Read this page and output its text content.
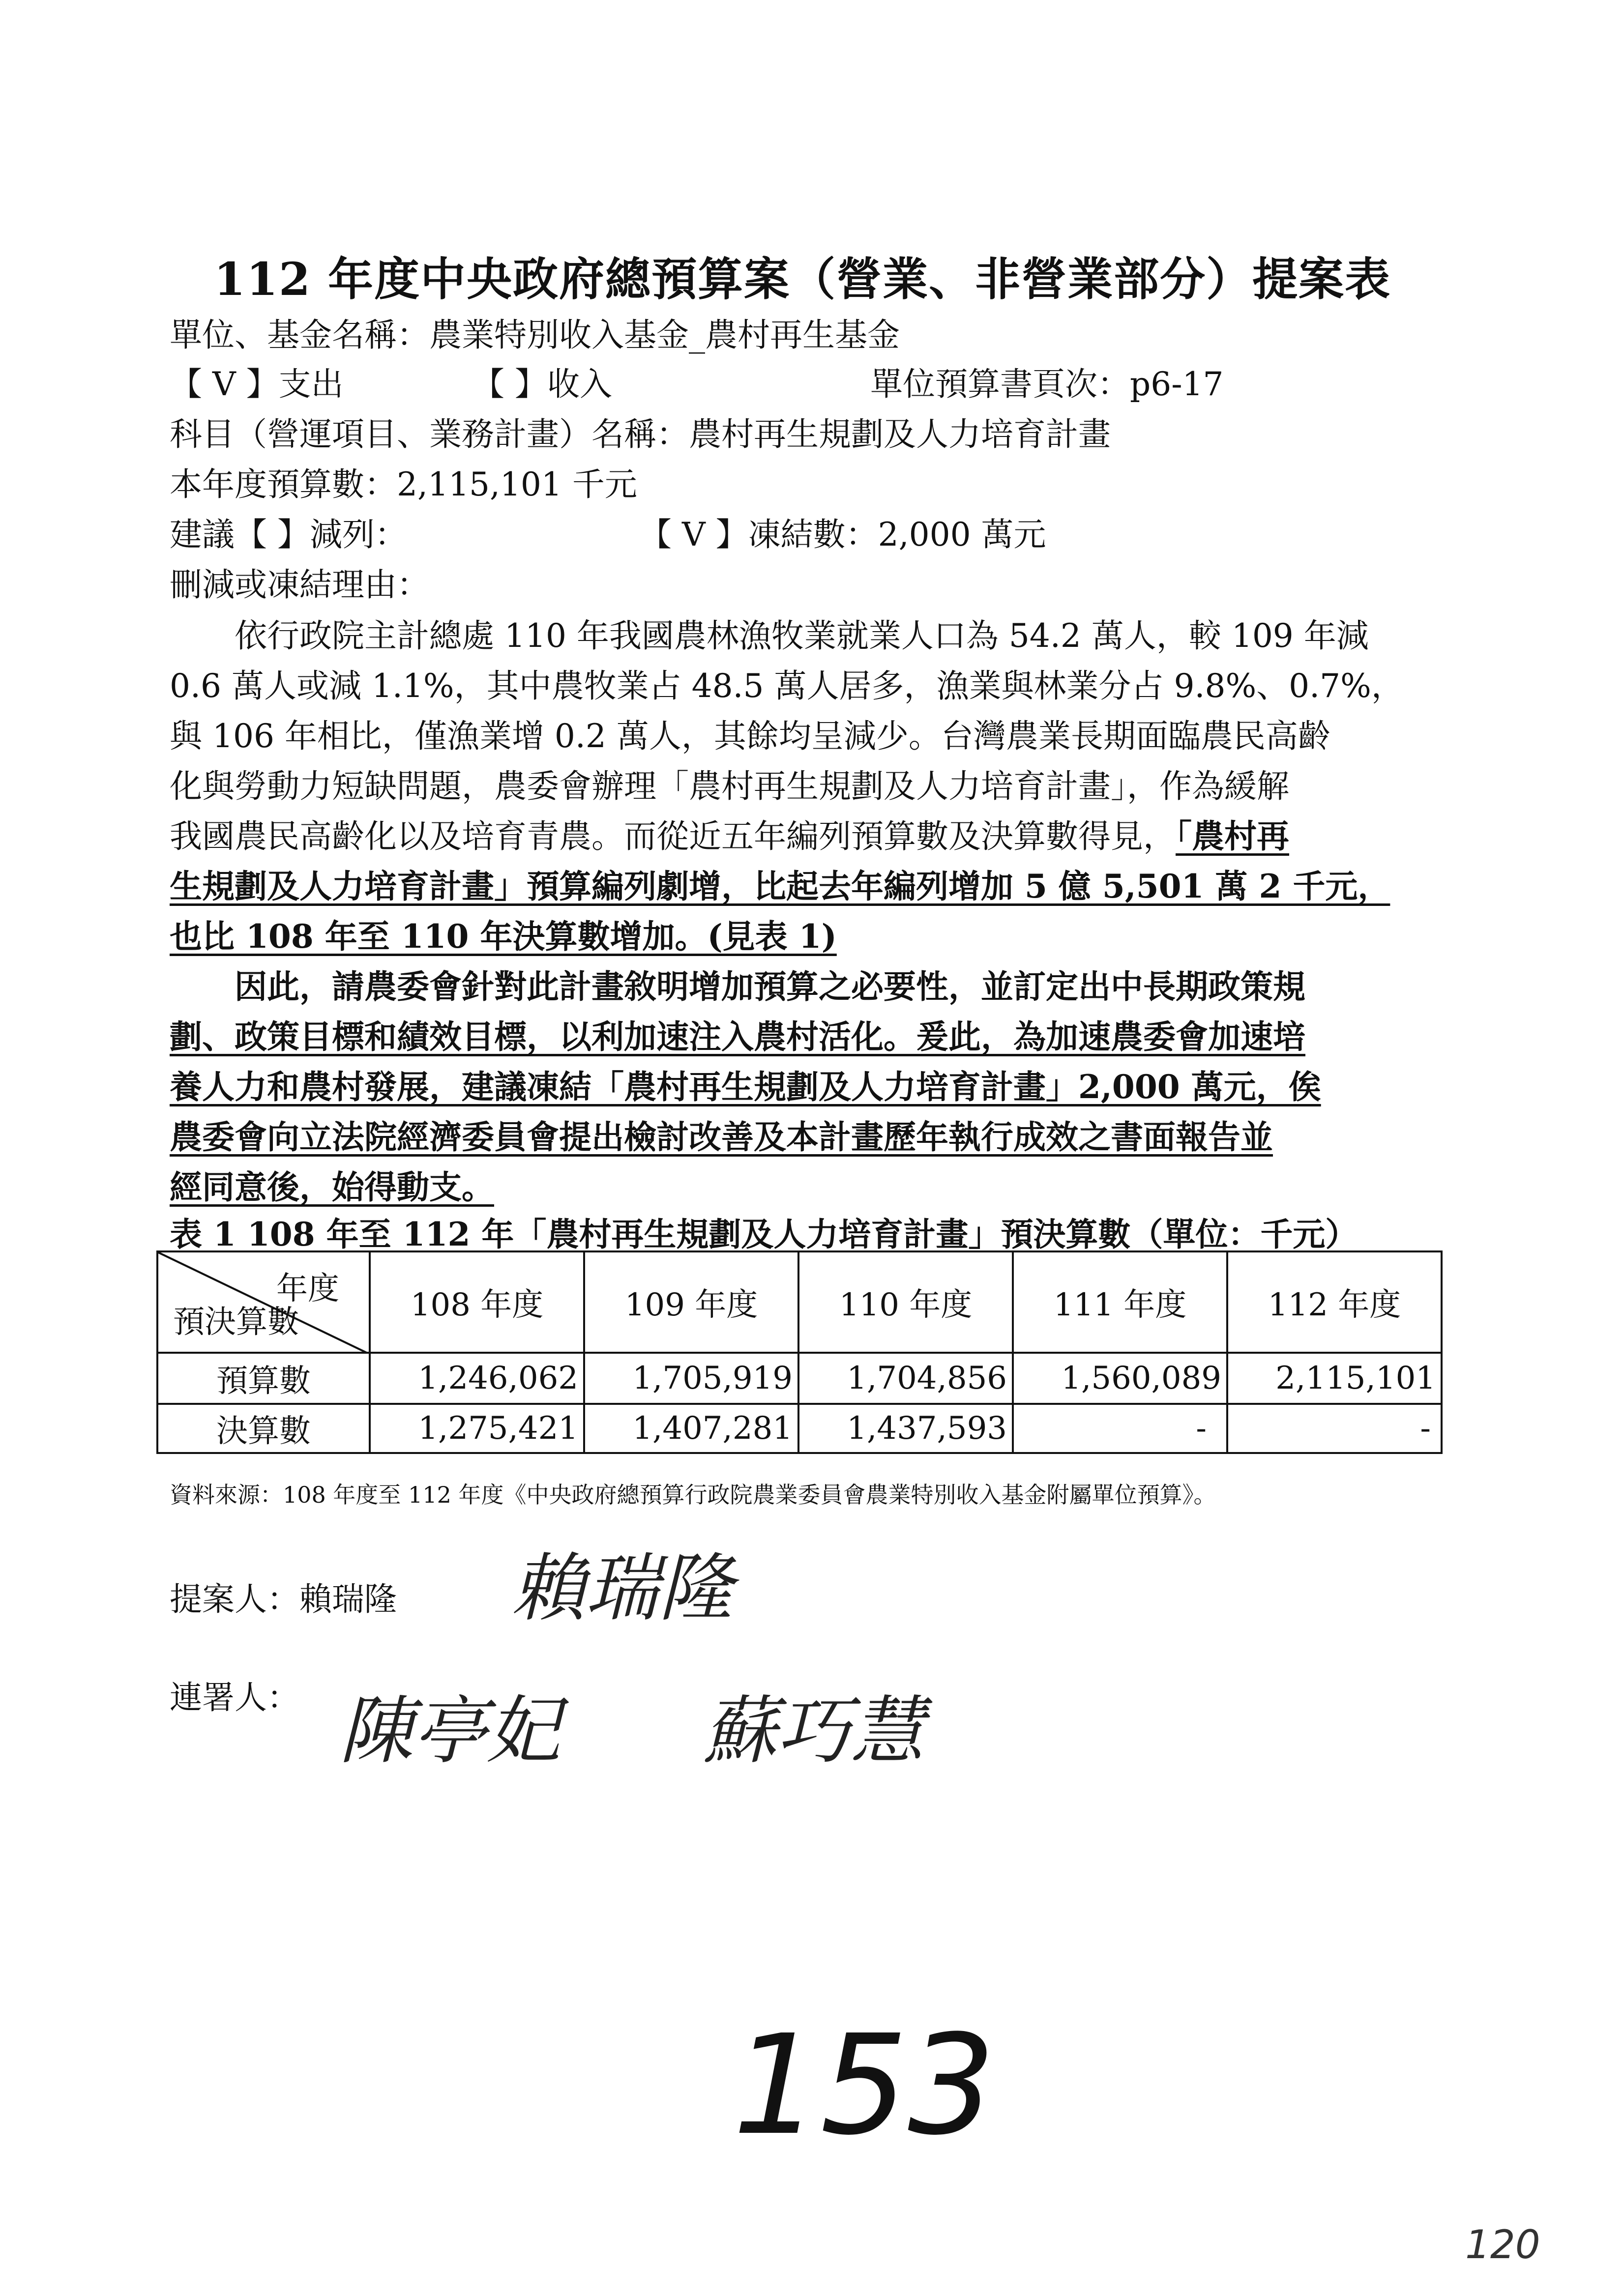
112 年度中央政府總預算案（營業、非營業部分）提案表
單位、基金名稱：農業特別收入基金_農村再生基金
【 V 】支出	【 】收入	單位預算書頁次：p6-17
科目（營運項目、業務計畫）名稱：農村再生規劃及人力培育計畫
本年度預算數：2,115,101 千元
建議【 】減列：	【 V 】凍結數：2,000 萬元
刪減或凍結理由：
　　依行政院主計總處 110 年我國農林漁牧業就業人口為 54.2 萬人，較 109 年減
0.6 萬人或減 1.1%，其中農牧業占 48.5 萬人居多，漁業與林業分占 9.8%、0.7%，
與 106 年相比，僅漁業增 0.2 萬人，其餘均呈減少。台灣農業長期面臨農民高齡
化與勞動力短缺問題，農委會辦理「農村再生規劃及人力培育計畫」，作為緩解
我國農民高齡化以及培育青農。而從近五年編列預算數及決算數得見，「農村再
生規劃及人力培育計畫」預算編列劇增，比起去年編列增加 5 億 5,501 萬 2 千元，
也比 108 年至 110 年決算數增加。(見表 1)
　　因此，請農委會針對此計畫敘明增加預算之必要性，並訂定出中長期政策規
劃、政策目標和績效目標，以利加速注入農村活化。爰此，為加速農委會加速培
養人力和農村發展，建議凍結「農村再生規劃及人力培育計畫」2,000 萬元，俟
農委會向立法院經濟委員會提出檢討改善及本計畫歷年執行成效之書面報告並
經同意後，始得動支。
表 1 108 年至 112 年「農村再生規劃及人力培育計畫」預決算數（單位：千元）
年度
預決算數	108 年度	109 年度	110 年度	111 年度	112 年度
預算數	1,246,062	1,705,919	1,704,856	1,560,089	2,115,101
決算數	1,275,421	1,407,281	1,437,593	-	-
資料來源：108 年度至 112 年度《中央政府總預算行政院農業委員會農業特別收入基金附屬單位預算》。
提案人：賴瑞隆 賴瑞隆
連署人： 陳亭妃 蘇巧慧
153
120
